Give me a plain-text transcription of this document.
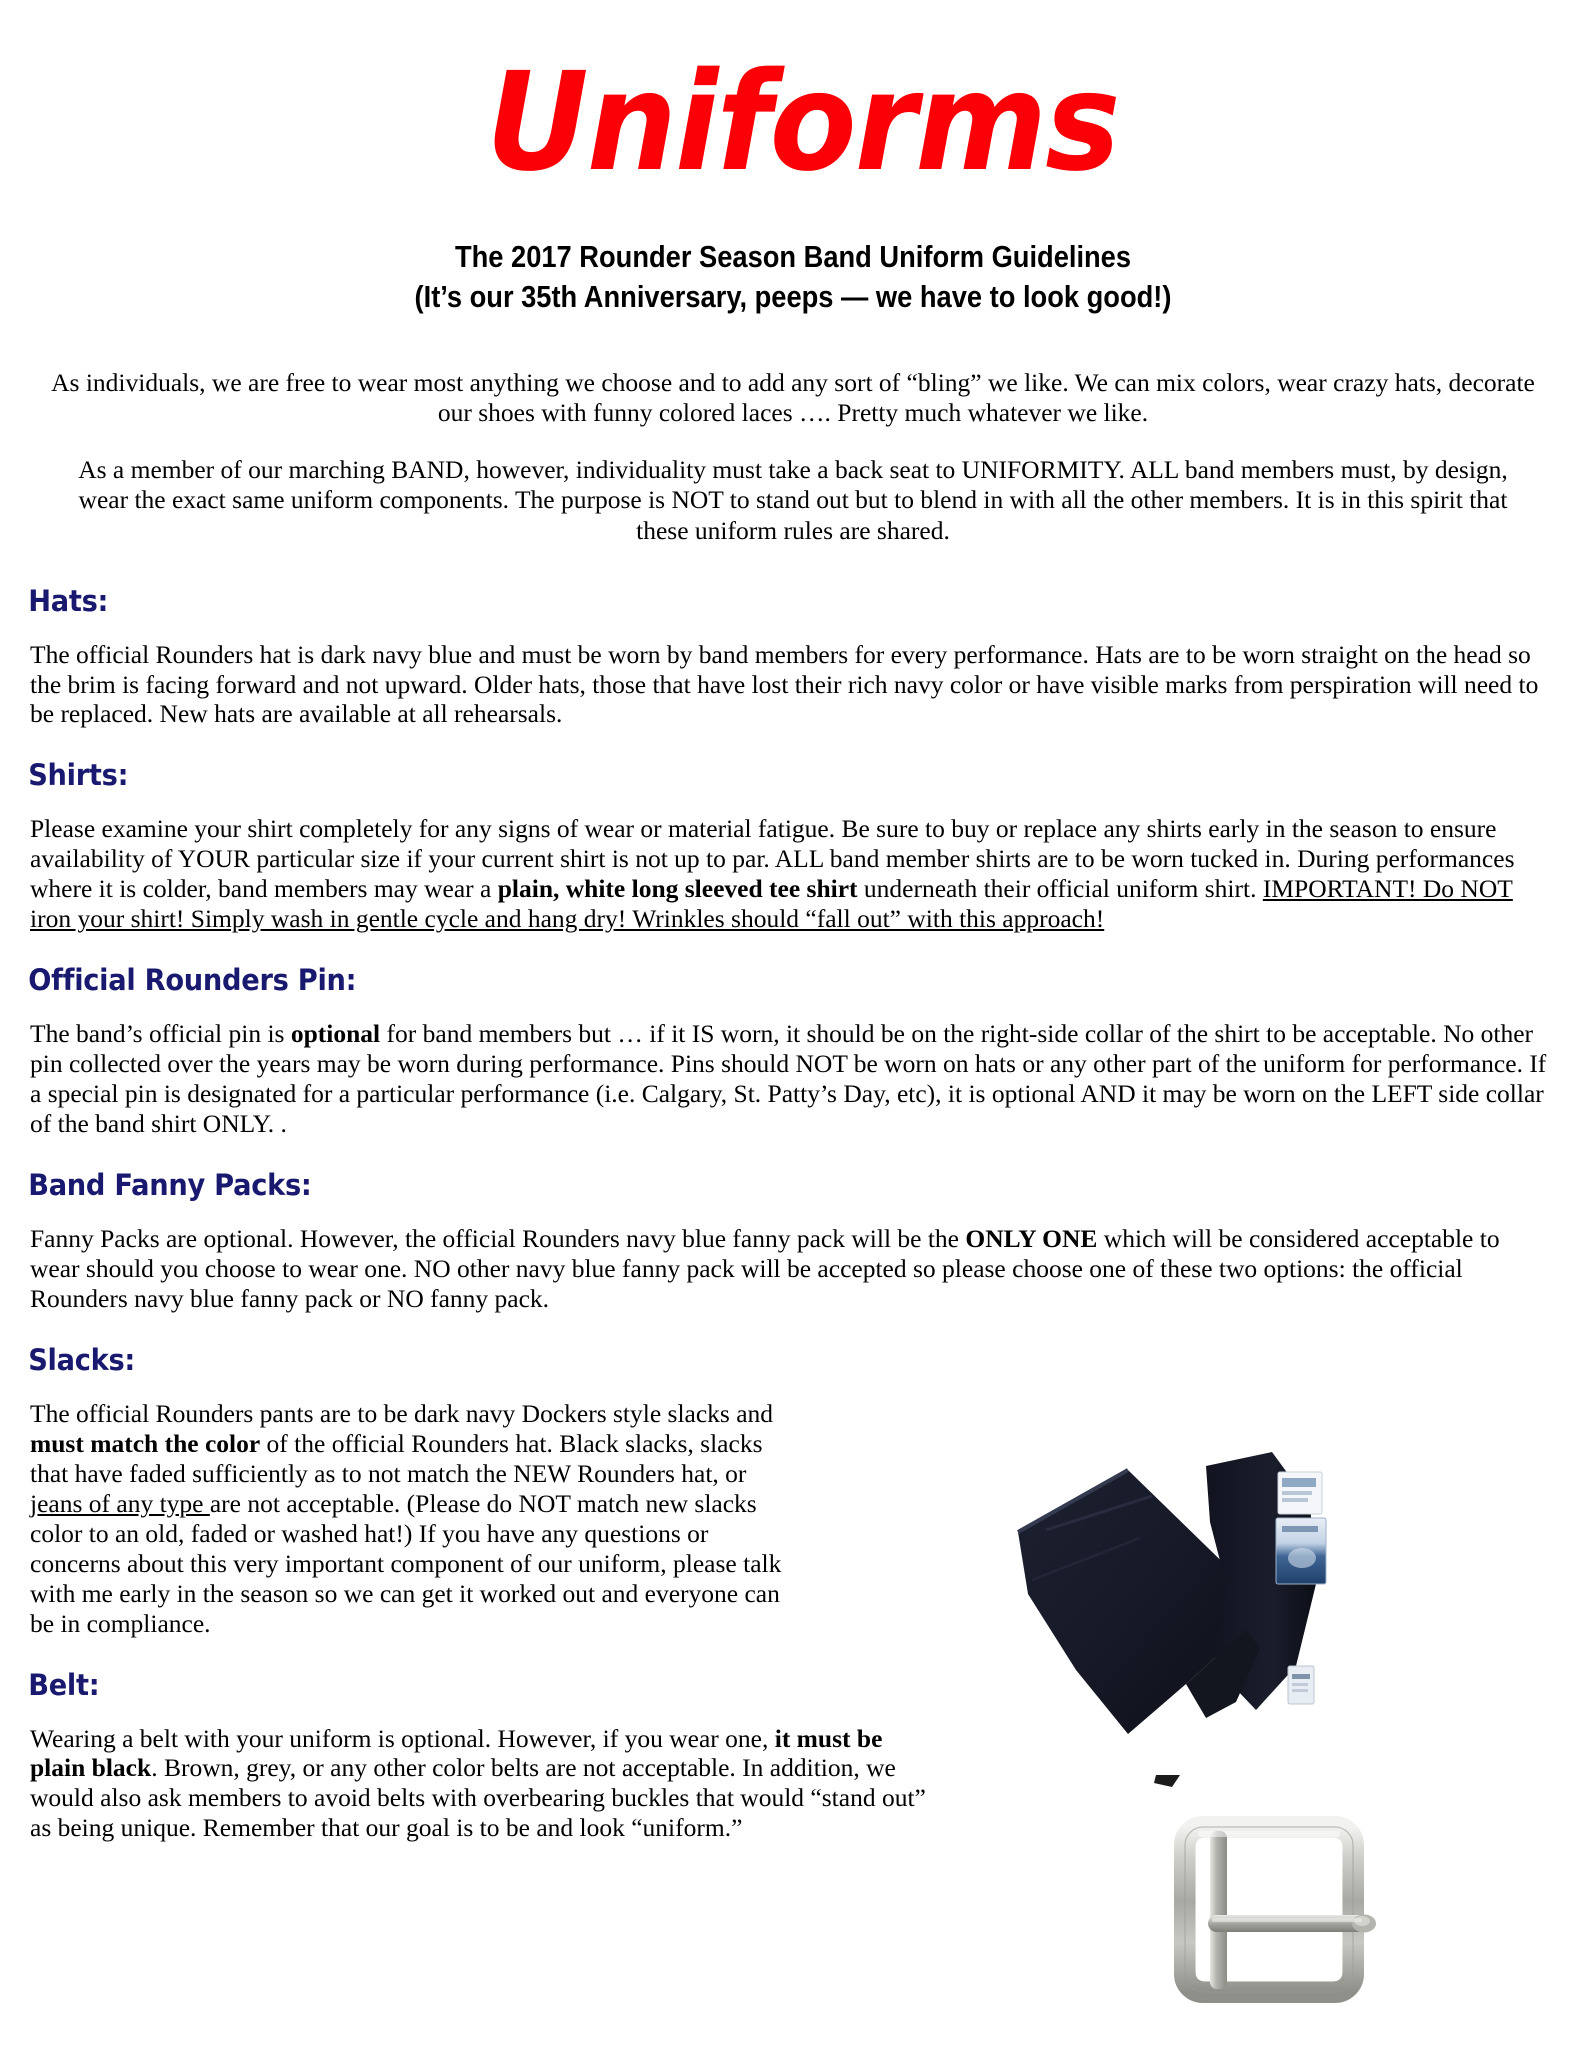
Uniforms
The 2017 Rounder Season Band Uniform Guidelines
(It’s our 35th Anniversary, peeps — we have to look good!)

As individuals, we are free to wear most anything we choose and to add any sort of “bling” we like. We can mix colors, wear crazy hats, decorate our shoes with funny colored laces …. Pretty much whatever we like.

As a member of our marching BAND, however, individuality must take a back seat to UNIFORMITY. ALL band members must, by design, wear the exact same uniform components. The purpose is NOT to stand out but to blend in with all the other members. It is in this spirit that these uniform rules are shared.

Hats:

The official Rounders hat is dark navy blue and must be worn by band members for every performance. Hats are to be worn straight on the head so the brim is facing forward and not upward. Older hats, those that have lost their rich navy color or have visible marks from perspiration will need to be replaced. New hats are available at all rehearsals.

Shirts:

Please examine your shirt completely for any signs of wear or material fatigue. Be sure to buy or replace any shirts early in the season to ensure availability of YOUR particular size if your current shirt is not up to par. ALL band member shirts are to be worn tucked in. During performances where it is colder, band members may wear a plain, white long sleeved tee shirt underneath their official uniform shirt. IMPORTANT! Do NOT iron your shirt! Simply wash in gentle cycle and hang dry! Wrinkles should “fall out” with this approach!

Official Rounders Pin:

The band’s official pin is optional for band members but … if it IS worn, it should be on the right-side collar of the shirt to be acceptable. No other pin collected over the years may be worn during performance. Pins should NOT be worn on hats or any other part of the uniform for performance. If a special pin is designated for a particular performance (i.e. Calgary, St. Patty’s Day, etc), it is optional AND it may be worn on the LEFT side collar of the band shirt ONLY. .

Band Fanny Packs:

Fanny Packs are optional. However, the official Rounders navy blue fanny pack will be the ONLY ONE which will be considered acceptable to wear should you choose to wear one. NO other navy blue fanny pack will be accepted so please choose one of these two options: the official Rounders navy blue fanny pack or NO fanny pack.

Slacks:

The official Rounders pants are to be dark navy Dockers style slacks and must match the color of the official Rounders hat. Black slacks, slacks that have faded sufficiently as to not match the NEW Rounders hat, or jeans of any type are not acceptable. (Please do NOT match new slacks color to an old, faded or washed hat!) If you have any questions or concerns about this very important component of our uniform, please talk with me early in the season so we can get it worked out and everyone can be in compliance.

Belt:

Wearing a belt with your uniform is optional. However, if you wear one, it must be plain black. Brown, grey, or any other color belts are not acceptable. In addition, we would also ask members to avoid belts with overbearing buckles that would “stand out” as being unique. Remember that our goal is to be and look “uniform.”
